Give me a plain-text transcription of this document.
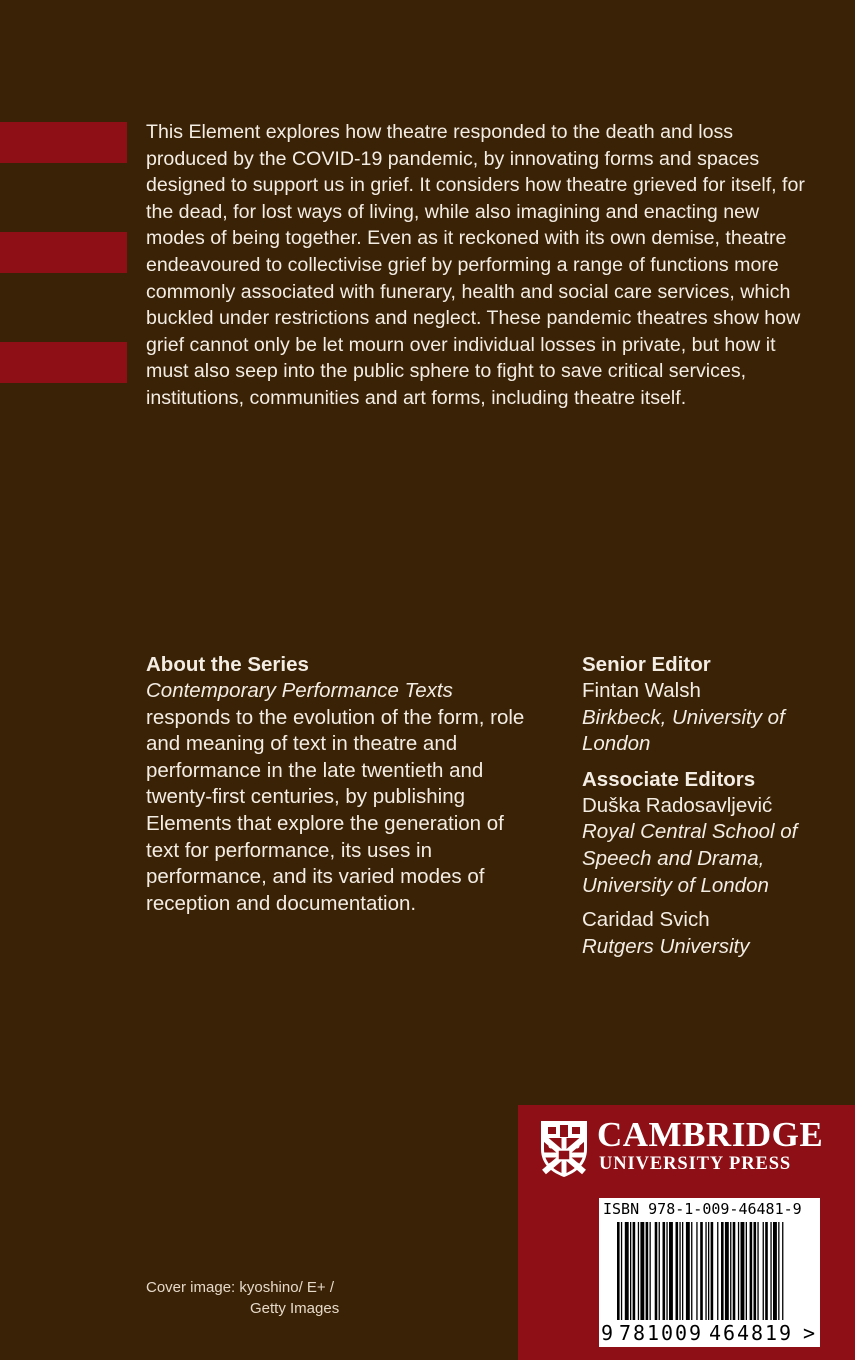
This Element explores how theatre responded to the death and loss produced by the COVID-19 pandemic, by innovating forms and spaces designed to support us in grief. It considers how theatre grieved for itself, for the dead, for lost ways of living, while also imagining and enacting new modes of being together. Even as it reckoned with its own demise, theatre endeavoured to collectivise grief by performing a range of functions more commonly associated with funerary, health and social care services, which buckled under restrictions and neglect. These pandemic theatres show how grief cannot only be let mourn over individual losses in private, but how it must also seep into the public sphere to fight to save critical services, institutions, communities and art forms, including theatre itself.

About the Series

Contemporary Performance Texts

responds to the evolution of the form, role and meaning of text in theatre and performance in the late twentieth and twenty-first centuries, by publishing Elements that explore the generation of text for performance, its uses in performance, and its varied modes of reception and documentation.

Senior Editor

Fintan Walsh

Birkbeck, University of London

Associate Editors

Duška Radosavljević

Royal Central School of Speech and Drama, University of London

Caridad Svich

Rutgers University

Cover image: kyoshino/ E+ /
Getty Images
CAMBRIDGE
UNIVERSITY PRESS
ISBN 978-1-009-46481-9
9 7 8 1 0 0 9 4 6 4 8 1 9 >
